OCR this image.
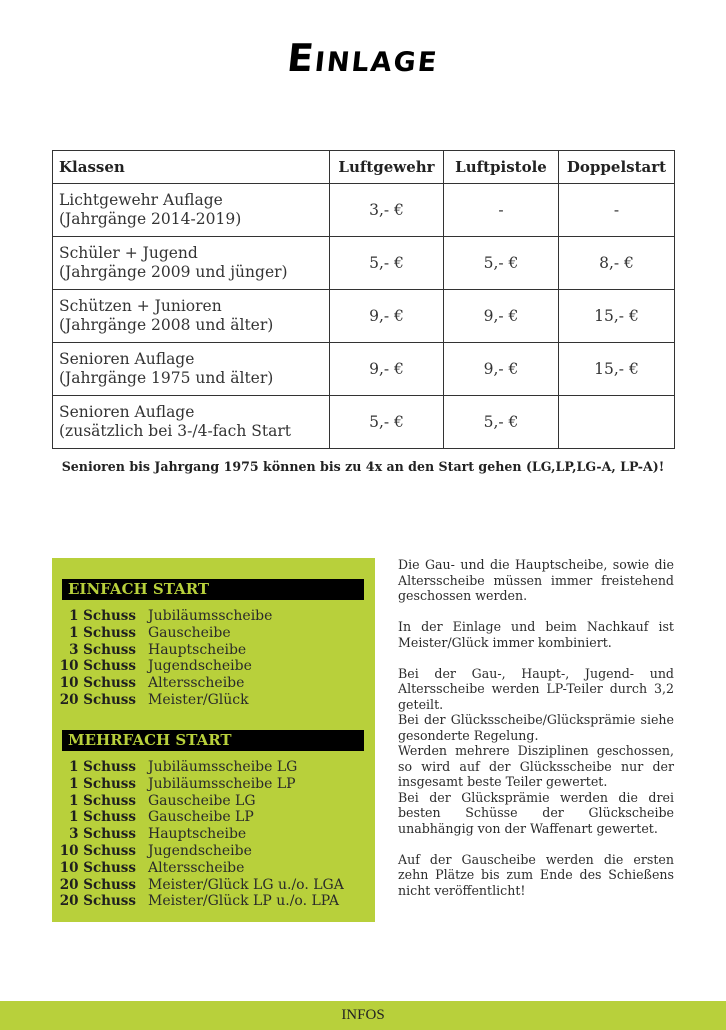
Einlage
Klassen	Luftgewehr	Luftpistole	Doppelstart
Lichtgewehr Auflage
(Jahrgänge 2014-2019)	3,- €	-	-
Schüler + Jugend
(Jahrgänge 2009 und jünger)	5,- €	5,- €	8,- €
Schützen + Junioren
(Jahrgänge 2008 und älter)	9,- €	9,- €	15,- €
Senioren Auflage
(Jahrgänge 1975 und älter)	9,- €	9,- €	15,- €
Senioren Auflage
(zusätzlich bei 3-/4-fach Start	5,- €	5,- €	
Senioren bis Jahrgang 1975 können bis zu 4x an den Start gehen (LG,LP,LG-A, LP-A)!
EINFACH START
1 Schuss Jubiläumsscheibe
1 Schuss Gauscheibe
3 Schuss Hauptscheibe
10 Schuss Jugendscheibe
10 Schuss Altersscheibe
20 Schuss Meister/Glück
MEHRFACH START
1 Schuss Jubiläumsscheibe LG
1 Schuss Jubiläumsscheibe LP
1 Schuss Gauscheibe LG
1 Schuss Gauscheibe LP
3 Schuss Hauptscheibe
10 Schuss Jugendscheibe
10 Schuss Altersscheibe
20 Schuss Meister/Glück LG u./o. LGA
20 Schuss Meister/Glück LP u./o. LPA

Die Gau- und die Hauptscheibe, sowie die Altersscheibe müssen immer freistehend geschossen werden.

In der Einlage und beim Nachkauf ist Meister/Glück immer kombiniert.

Bei der Gau-, Haupt-, Jugend- und Altersscheibe werden LP-Teiler durch 3,2 geteilt.

Bei der Glücksscheibe/Glücksprämie siehe gesonderte Regelung.

Werden mehrere Disziplinen geschossen, so wird auf der Glücksscheibe nur der insgesamt beste Teiler gewertet.

Bei der Glücksprämie werden die drei besten Schüsse der Glückscheibe unabhängig von der Waffenart gewertet.

Auf der Gauscheibe werden die ersten zehn Plätze bis zum Ende des Schießens nicht veröffentlicht!

INFOS
